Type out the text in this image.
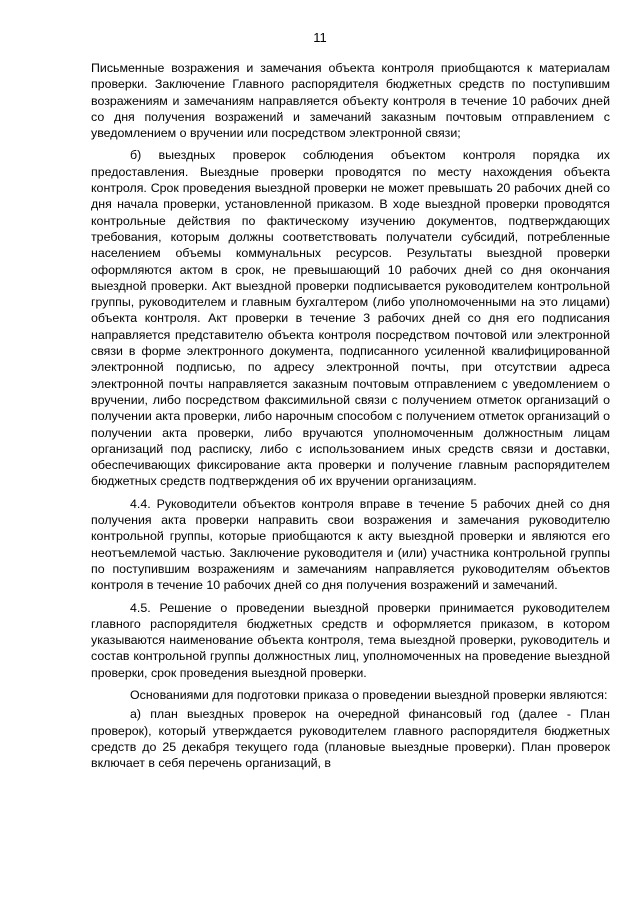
11

Письменные возражения и замечания объекта контроля приобщаются к материалам проверки. Заключение Главного распорядителя бюджетных средств по поступившим возражениям и замечаниям направляется объекту контроля в течение 10 рабочих дней со дня получения возражений и замечаний заказным почтовым отправлением с уведомлением о вручении или посредством электронной связи;

б) выездных проверок соблюдения объектом контроля порядка их предоставления. Выездные проверки проводятся по месту нахождения объекта контроля. Срок проведения выездной проверки не может превышать 20 рабочих дней со дня начала проверки, установленной приказом. В ходе выездной проверки проводятся контрольные действия по фактическому изучению документов, подтверждающих требования, которым должны соответствовать получатели субсидий, потребленные населением объемы коммунальных ресурсов. Результаты выездной проверки оформляются актом в срок, не превышающий 10 рабочих дней со дня окончания выездной проверки. Акт выездной проверки подписывается руководителем контрольной группы, руководителем и главным бухгалтером (либо уполномоченными на это лицами) объекта контроля. Акт проверки в течение 3 рабочих дней со дня его подписания направляется представителю объекта контроля посредством почтовой или электронной связи в форме электронного документа, подписанного усиленной квалифицированной электронной подписью, по адресу электронной почты, при отсутствии адреса электронной почты направляется заказным почтовым отправлением с уведомлением о вручении, либо посредством факсимильной связи с получением отметок организаций о получении акта проверки, либо нарочным способом с получением отметок организаций о получении акта проверки, либо вручаются уполномоченным должностным лицам организаций под расписку, либо с использованием иных средств связи и доставки, обеспечивающих фиксирование акта проверки и получение главным распорядителем бюджетных средств подтверждения об их вручении организациям.

4.4. Руководители объектов контроля вправе в течение 5 рабочих дней со дня получения акта проверки направить свои возражения и замечания руководителю контрольной группы, которые приобщаются к акту выездной проверки и являются его неотъемлемой частью. Заключение руководителя и (или) участника контрольной группы по поступившим возражениям и замечаниям направляется руководителям объектов контроля в течение 10 рабочих дней со дня получения возражений и замечаний.

4.5. Решение о проведении выездной проверки принимается руководителем главного распорядителя бюджетных средств и оформляется приказом, в котором указываются наименование объекта контроля, тема выездной проверки, руководитель и состав контрольной группы должностных лиц, уполномоченных на проведение выездной проверки, срок проведения выездной проверки.

Основаниями для подготовки приказа о проведении выездной проверки являются:

а) план выездных проверок на очередной финансовый год (далее - План проверок), который утверждается руководителем главного распорядителя бюджетных средств до 25 декабря текущего года (плановые выездные проверки). План проверок включает в себя перечень организаций, в
